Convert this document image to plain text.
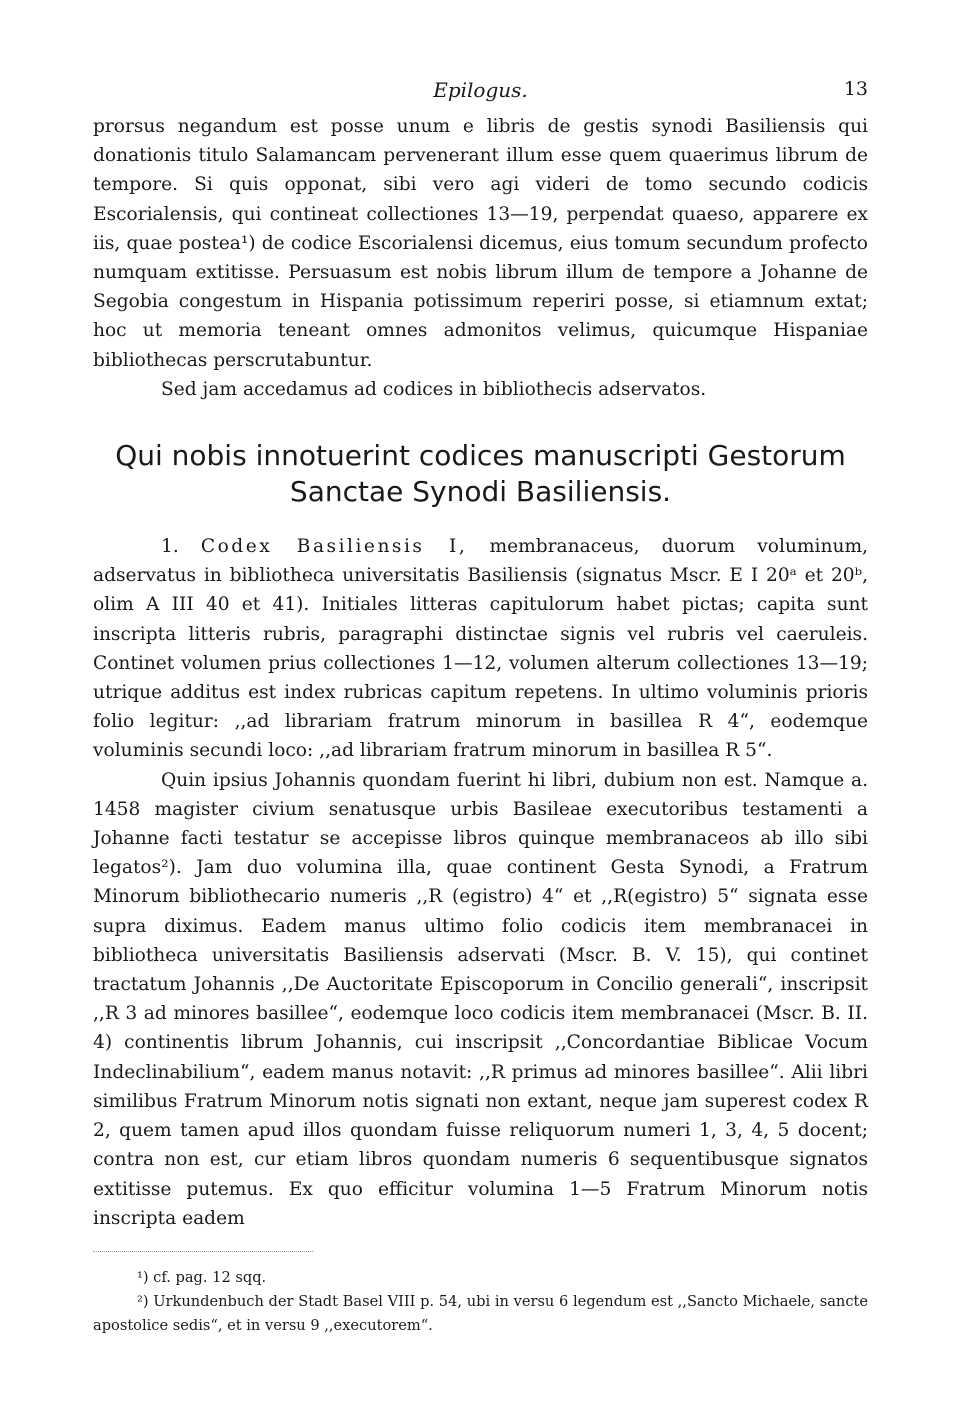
Epilogus.	13

prorsus negandum est posse unum e libris de gestis synodi Basiliensis qui donationis titulo Salamancam pervenerant illum esse quem quaerimus librum de tempore. Si quis opponat, sibi vero agi videri de tomo secundo codicis Escorialensis, qui contineat collectiones 13—19, perpendat quaeso, apparere ex iis, quae postea¹) de codice Escorialensi dicemus, eius tomum secundum profecto numquam extitisse. Persuasum est nobis librum illum de tempore a Johanne de Segobia congestum in Hispania potissimum reperiri posse, si etiamnum extat; hoc ut memoria teneant omnes admonitos velimus, quicumque Hispaniae bibliothecas perscrutabuntur.

Sed jam accedamus ad codices in bibliothecis adservatos.

Qui nobis innotuerint codices manuscripti Gestorum
Sanctae Synodi Basiliensis.

1. Codex Basiliensis I, membranaceus, duorum voluminum, adservatus in bibliotheca universitatis Basiliensis (signatus Mscr. E I 20ᵃ et 20ᵇ, olim A III 40 et 41). Initiales litteras capitulorum habet pictas; capita sunt inscripta litteris rubris, paragraphi distinctae signis vel rubris vel caeruleis. Continet volumen prius collectiones 1—12, volumen alterum collectiones 13—19; utrique additus est index rubricas capitum repetens. In ultimo voluminis prioris folio legitur: ,,ad librariam fratrum minorum in basillea R 4“, eodemque voluminis secundi loco: ,,ad librariam fratrum minorum in basillea R 5“.

Quin ipsius Johannis quondam fuerint hi libri, dubium non est. Namque a. 1458 magister civium senatusque urbis Basileae executoribus testamenti a Johanne facti testatur se accepisse libros quinque membranaceos ab illo sibi legatos²). Jam duo volumina illa, quae continent Gesta Synodi, a Fratrum Minorum bibliothecario numeris ,,R (egistro) 4“ et ,,R(egistro) 5“ signata esse supra diximus. Eadem manus ultimo folio codicis item membranacei in bibliotheca universitatis Basiliensis adservati (Mscr. B. V. 15), qui continet tractatum Johannis ,,De Auctoritate Episcoporum in Concilio generali“, inscripsit ,,R 3 ad minores basillee“, eodemque loco codicis item membranacei (Mscr. B. II. 4) continentis librum Johannis, cui inscripsit ,,Concordantiae Biblicae Vocum Indeclinabilium“, eadem manus notavit: ,,R primus ad minores basillee“. Alii libri similibus Fratrum Minorum notis signati non extant, neque jam superest codex R 2, quem tamen apud illos quondam fuisse reliquorum numeri 1, 3, 4, 5 docent; contra non est, cur etiam libros quondam numeris 6 sequentibusque signatos extitisse putemus. Ex quo efficitur volumina 1—5 Fratrum Minorum notis inscripta eadem

¹) cf. pag. 12 sqq.

²) Urkundenbuch der Stadt Basel VIII p. 54, ubi in versu 6 legendum est ,,Sancto Michaele, sancte apostolice sedis“, et in versu 9 ,,executorem“.
